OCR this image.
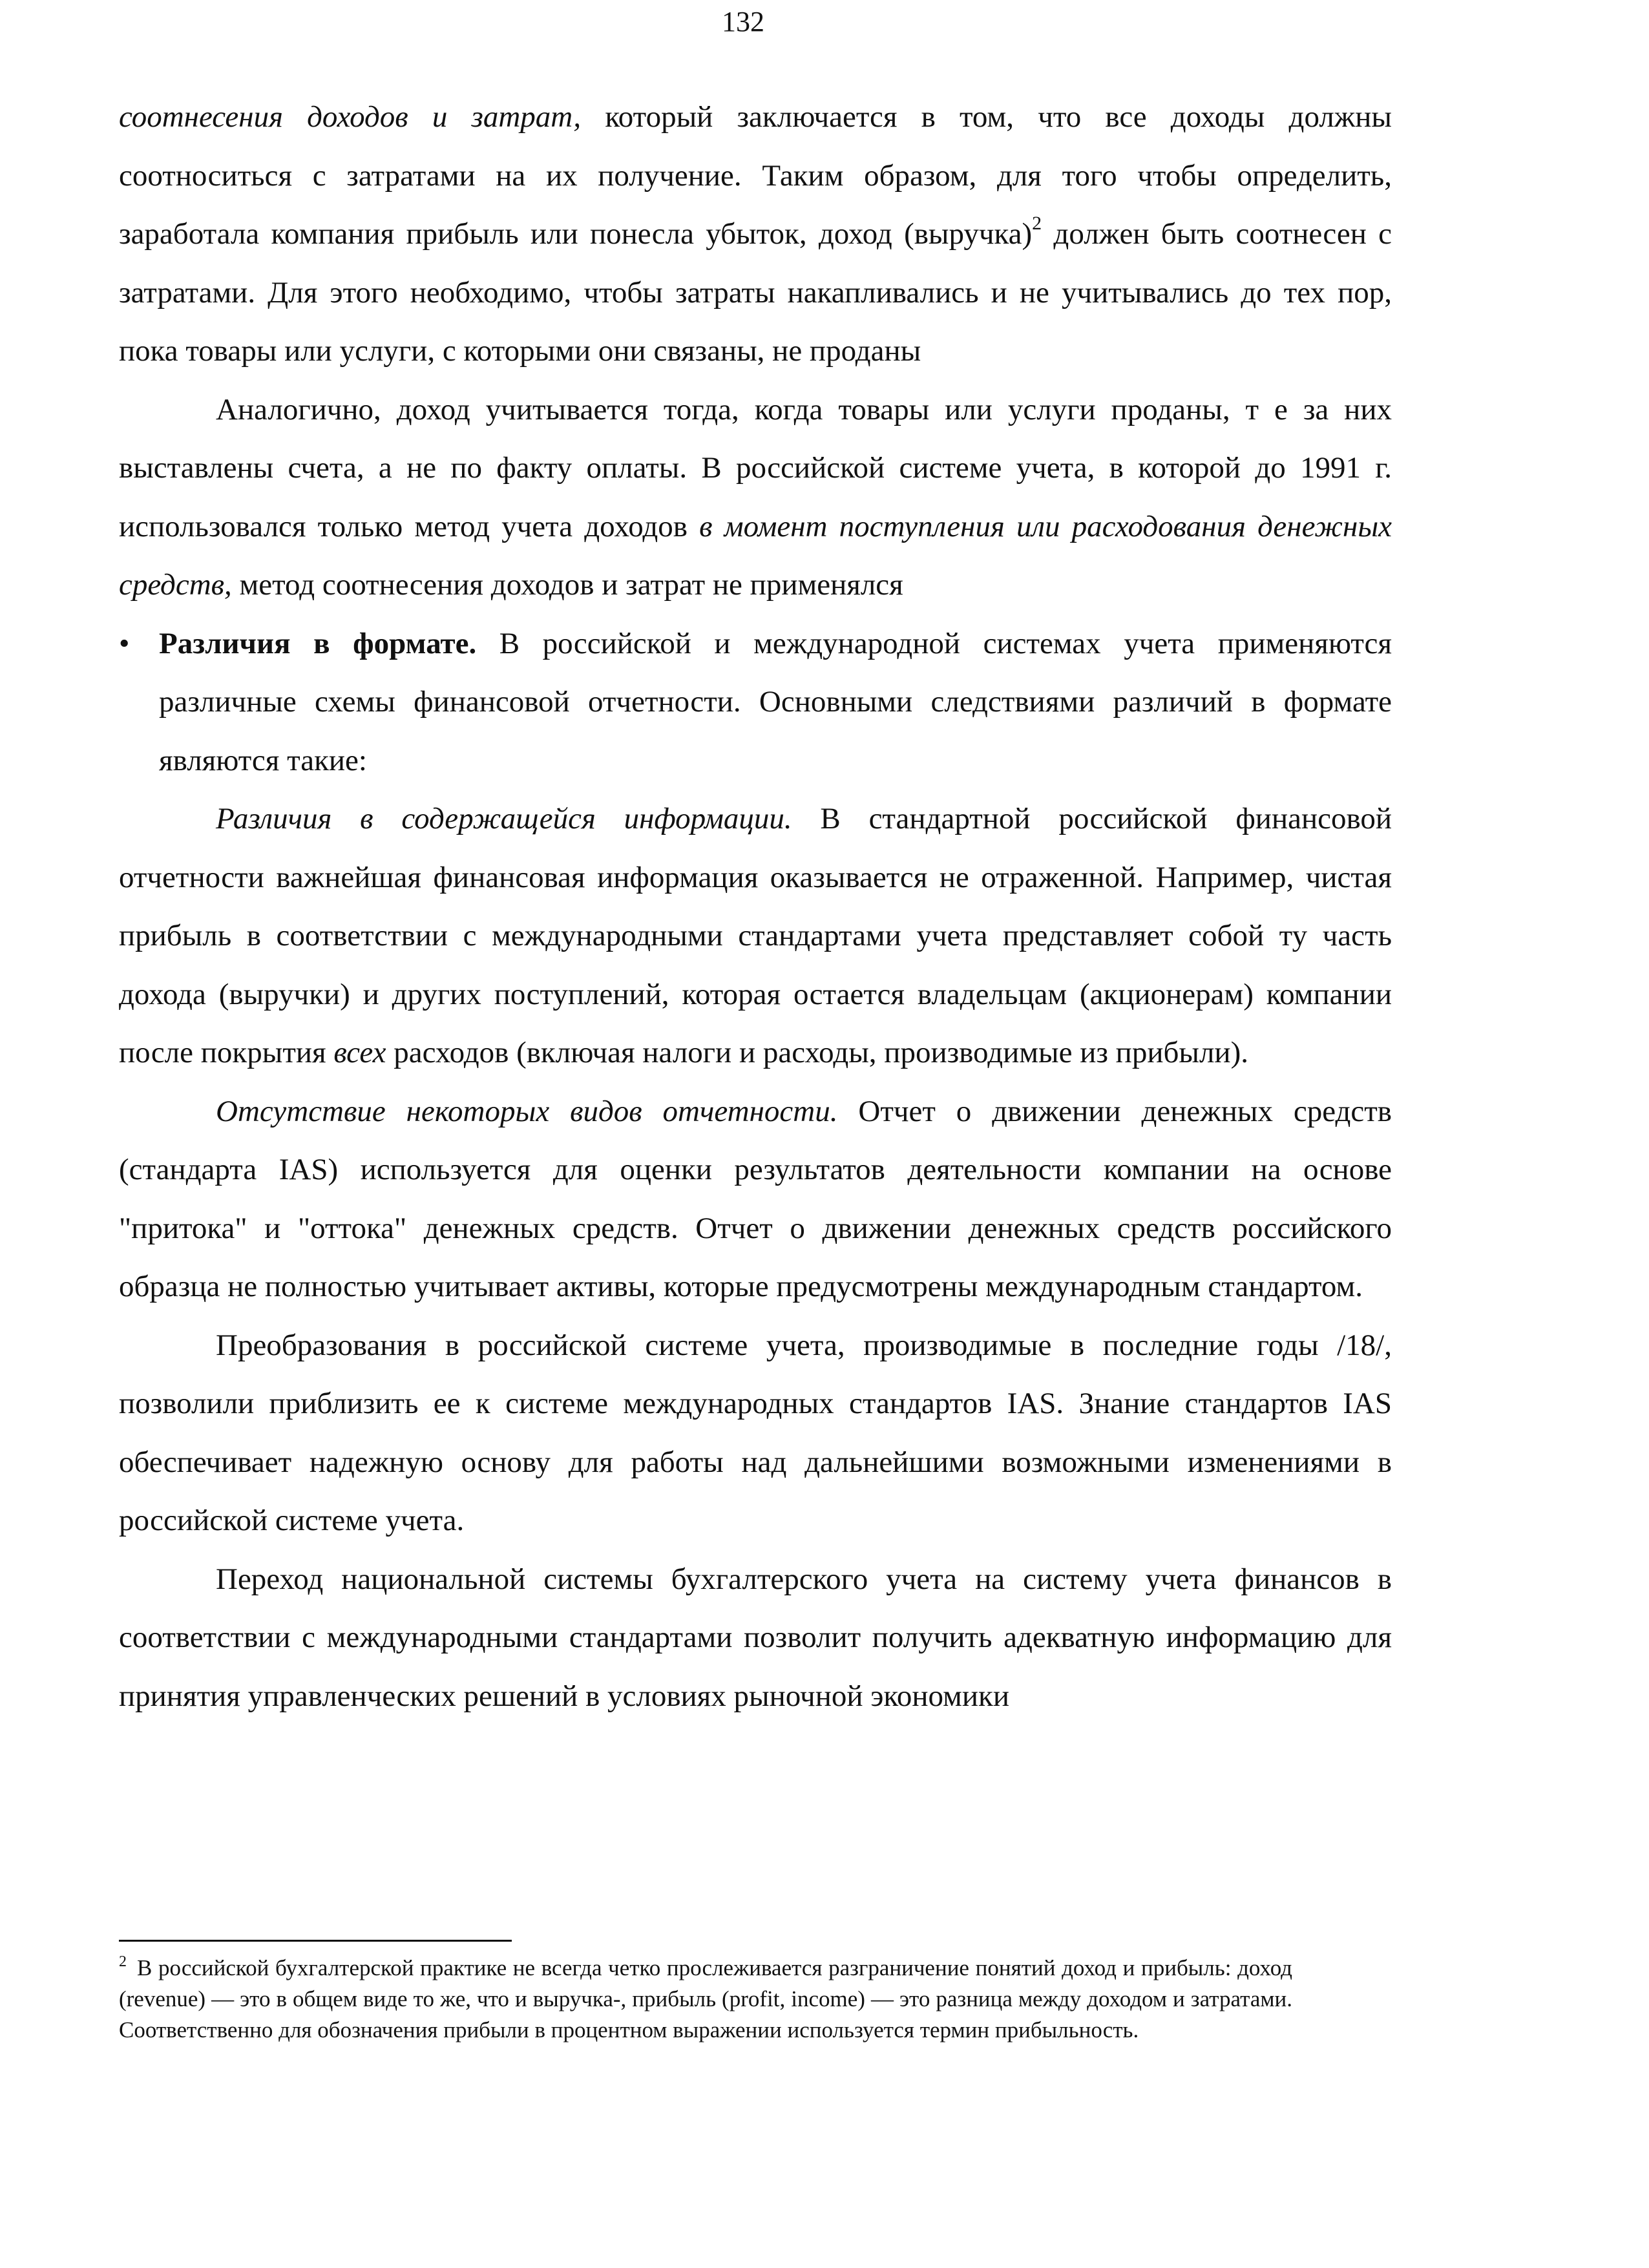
132

соотнесения доходов и затрат, который заключается в том, что все доходы должны соотноситься с затратами на их получение. Таким образом, для того чтобы определить, заработала компания прибыль или понесла убыток, доход (выручка)$^2$ должен быть соотнесен с затратами. Для этого необходимо, чтобы затраты накапливались и не учитывались до тех пор, пока товары или услуги, с которыми они связаны, не проданы

Аналогично, доход учитывается тогда, когда товары или услуги проданы, т е за них выставлены счета, а не по факту оплаты. В российской системе учета, в которой до 1991 г. использовался только метод учета доходов в момент поступления или расходования денежных средств, метод соотнесения доходов и затрат не применялся

• Различия в формате. В российской и международной системах учета применяются различные схемы финансовой отчетности. Основными следствиями различий в формате являются такие:

Различия в содержащейся информации. В стандартной российской финансовой отчетности важнейшая финансовая информация оказывается не отраженной. Например, чистая прибыль в соответствии с международными стандартами учета представляет собой ту часть дохода (выручки) и других поступлений, которая остается владельцам (акционерам) компании после покрытия всех расходов (включая налоги и расходы, производимые из прибыли).

Отсутствие некоторых видов отчетности. Отчет о движении денежных средств (стандарта IAS) используется для оценки результатов деятельности компании на основе "притока" и "оттока" денежных средств. Отчет о движении денежных средств российского образца не полностью учитывает активы, которые предусмотрены международным стандартом.

Преобразования в российской системе учета, производимые в последние годы /18/, позволили приблизить ее к системе международных стандартов IAS. Знание стандартов IAS обеспечивает надежную основу для работы над дальнейшими возможными изменениями в российской системе учета.

Переход национальной системы бухгалтерского учета на систему учета финансов в соответствии с международными стандартами позволит получить адекватную информацию для принятия управленческих решений в условиях рыночной экономики

$^2$ В российской бухгалтерской практике не всегда четко прослеживается разграничение понятий доход и прибыль: доход (revenue) — это в общем виде то же, что и выручка-, прибыль (profit, income) — это разница между доходом и затратами. Соответственно для обозначения прибыли в процентном выражении используется термин прибыльность.
